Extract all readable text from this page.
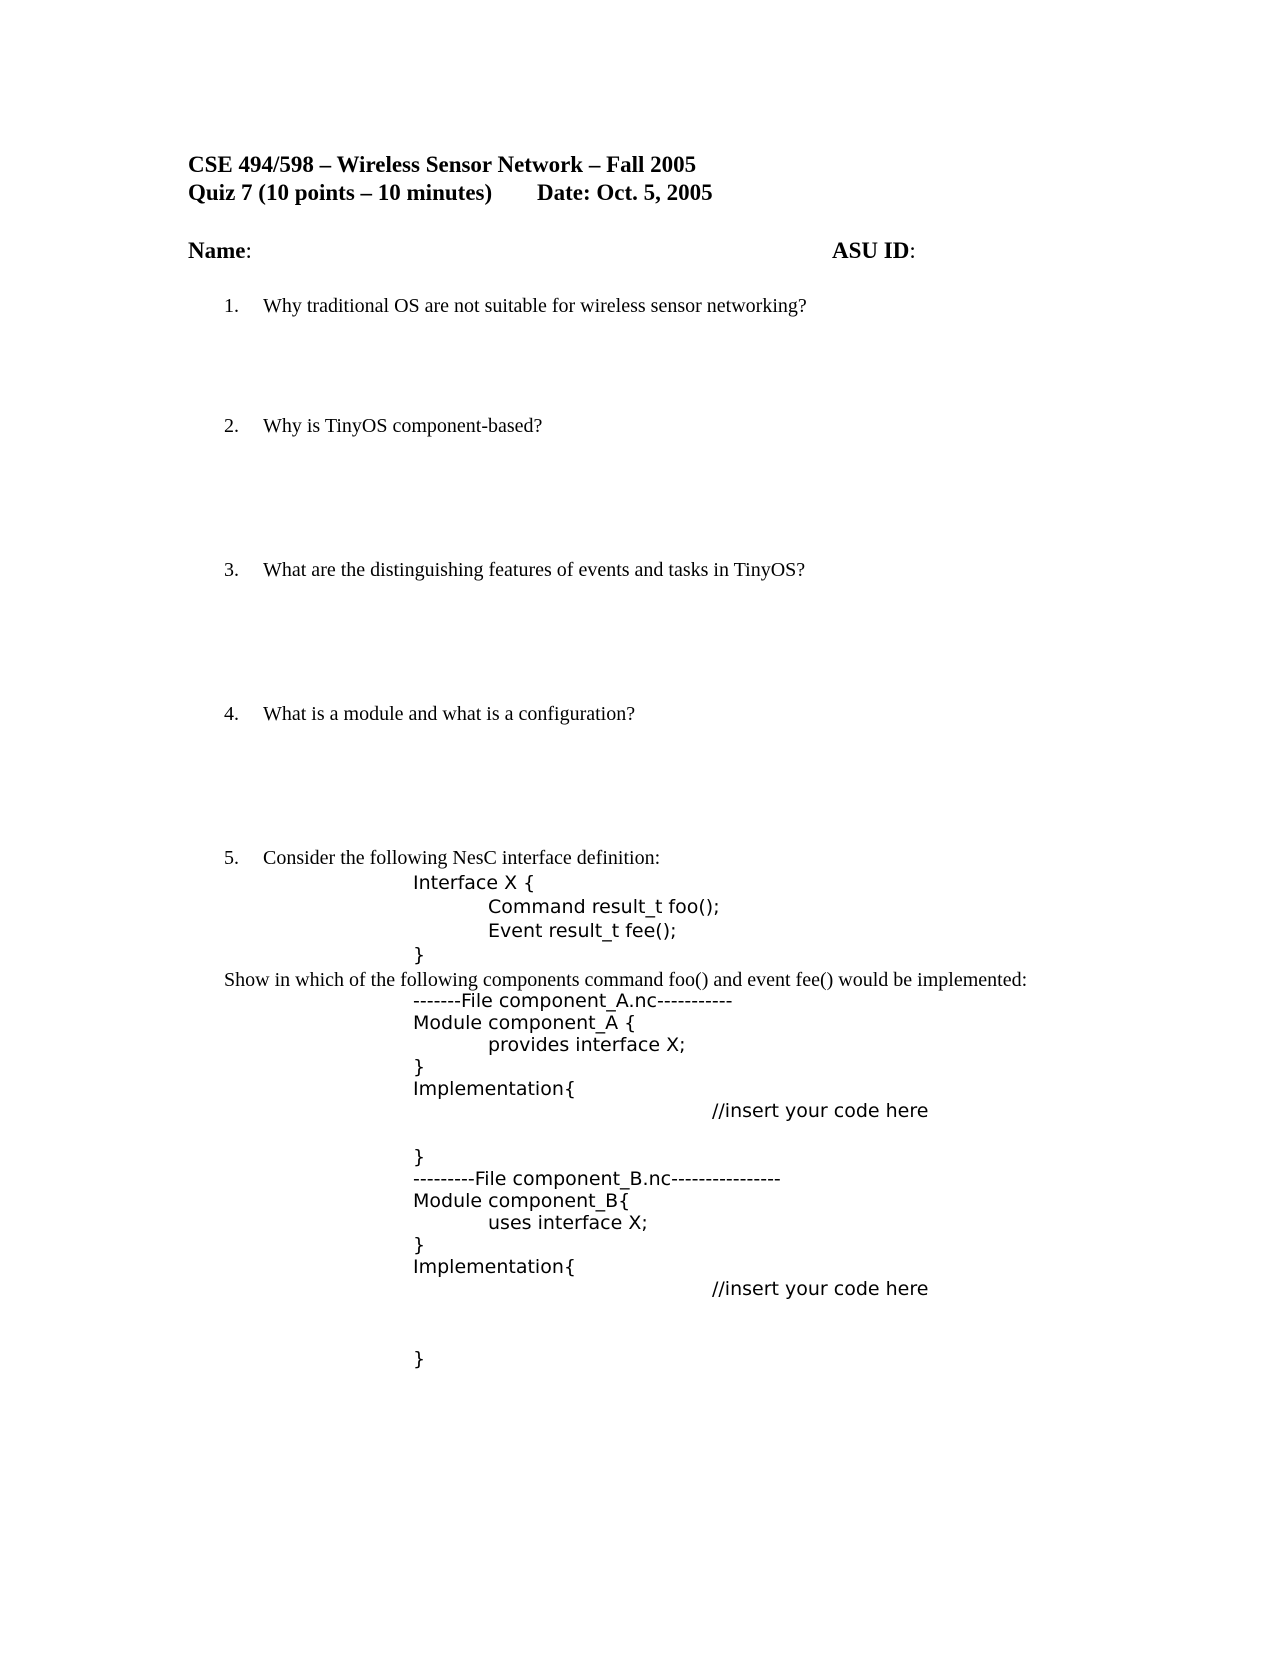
CSE 494/598 – Wireless Sensor Network – Fall 2005
Quiz 7 (10 points – 10 minutes) Date: Oct. 5, 2005
Name:	ASU ID:
1. Why traditional OS are not suitable for wireless sensor networking?
2. Why is TinyOS component-based?
3. What are the distinguishing features of events and tasks in TinyOS?
4. What is a module and what is a configuration?
5. Consider the following NesC interface definition:
Interface X {
Command result_t foo();
Event result_t fee();
}
Show in which of the following components command foo() and event fee() would be implemented:
-------File component_A.nc-----------
Module component_A {
provides interface X;
}
Implementation{
//insert your code here
}
---------File component_B.nc----------------
Module component_B{
uses interface X;
}
Implementation{
//insert your code here
}
